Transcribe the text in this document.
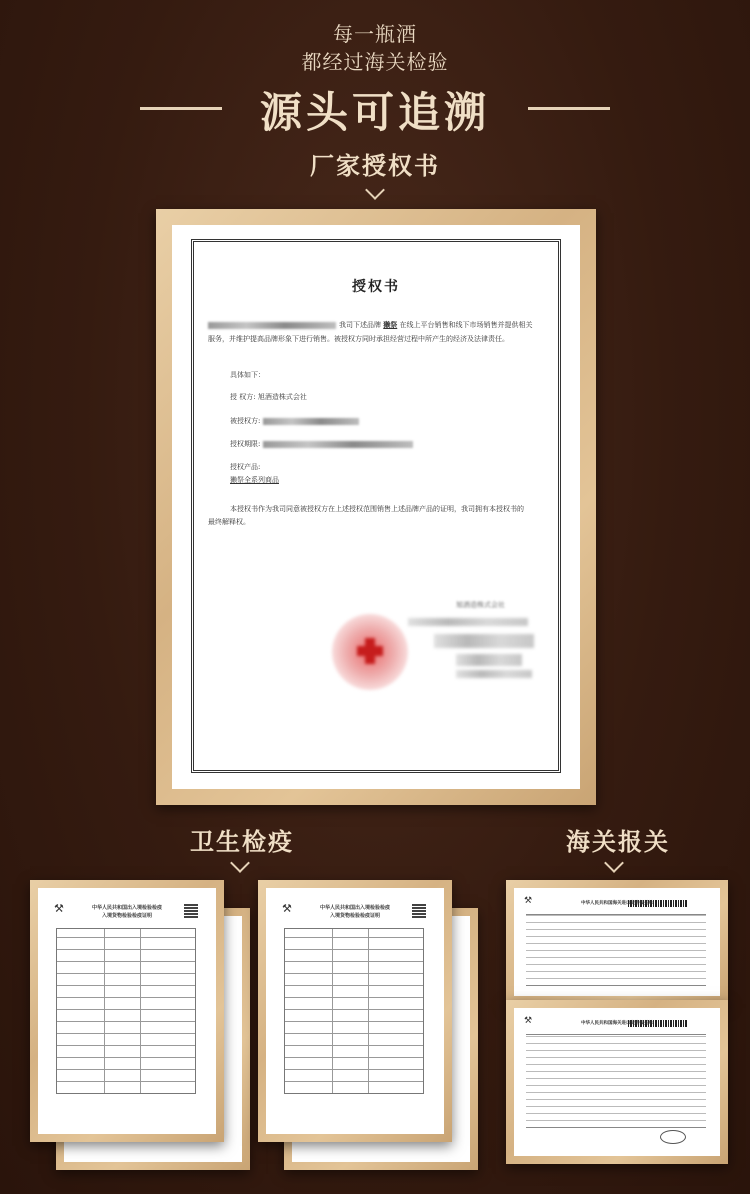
每一瓶酒
都经过海关检验
源头可追溯
厂家授权书
授权书
我司下述品牌 獭祭 在线上平台销售和线下市场销售并提供相关
服务，并维护提高品牌形象下进行销售。被授权方同时承担经营过程中所产生的经济及法律责任。
具体如下：
授 权方: 旭酒造株式会社
被授权方:
授权期限:
授权产品:
獭祭全系列商品
本授权书作为我司同意被授权方在上述授权范围销售上述品牌产品的证明，我司拥有本授权书的
最终解释权。
旭酒造株式会社
卫生检疫	海关报关
⚒	中华人民共和国出入境检验检疫
入境货物检验检疫证明
⚒	中华人民共和国出入境检验检疫
入境货物检验检疫证明
⚒	中华人民共和国海关进口货物报关单
⚒	中华人民共和国海关进口货物报关单
